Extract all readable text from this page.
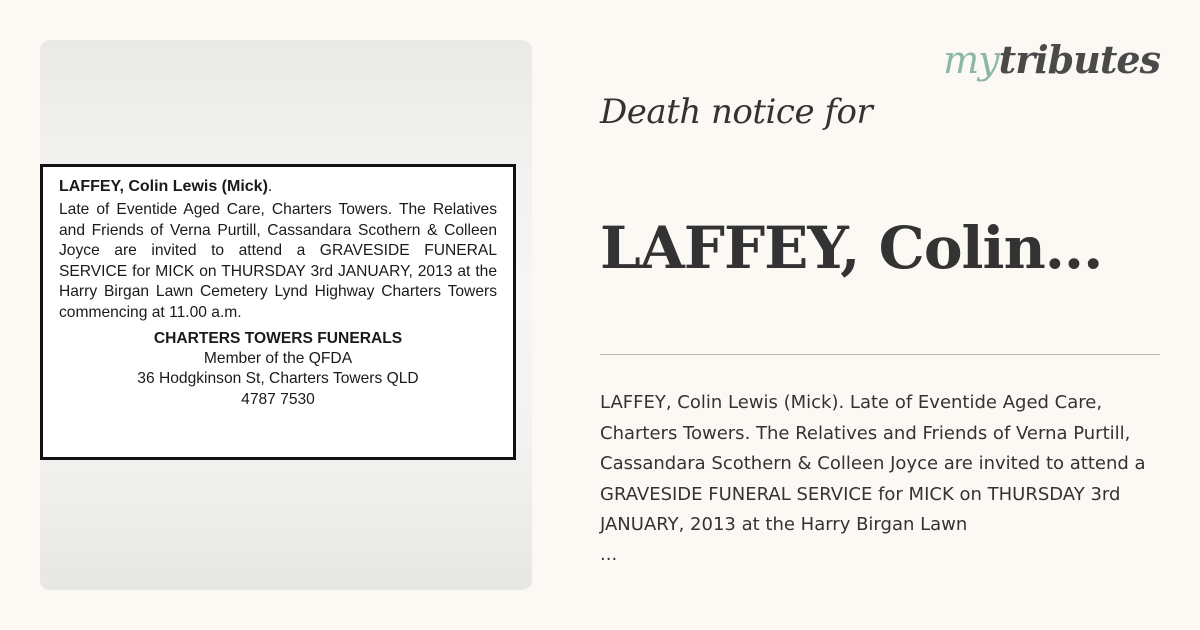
LAFFEY, Colin Lewis (Mick).

Late of Eventide Aged Care, Charters Towers. The Relatives and Friends of Verna Purtill, Cassandara Scothern & Colleen Joyce are invited to attend a GRAVESIDE FUNERAL SERVICE for MICK on THURSDAY 3rd JANUARY, 2013 at the Harry Birgan Lawn Cemetery Lynd Highway Charters Towers commencing at 11.00 a.m.

CHARTERS TOWERS FUNERALS
Member of the QFDA
36 Hodgkinson St, Charters Towers QLD
4787 7530
mytributes
Death notice for
LAFFEY, Colin...

LAFFEY, Colin Lewis (Mick). Late of Eventide Aged Care, Charters Towers. The Relatives and Friends of Verna Purtill, Cassandara Scothern & Colleen Joyce are invited to attend a GRAVESIDE FUNERAL SERVICE for MICK on THURSDAY 3rd JANUARY, 2013 at the Harry Birgan Lawn

...
